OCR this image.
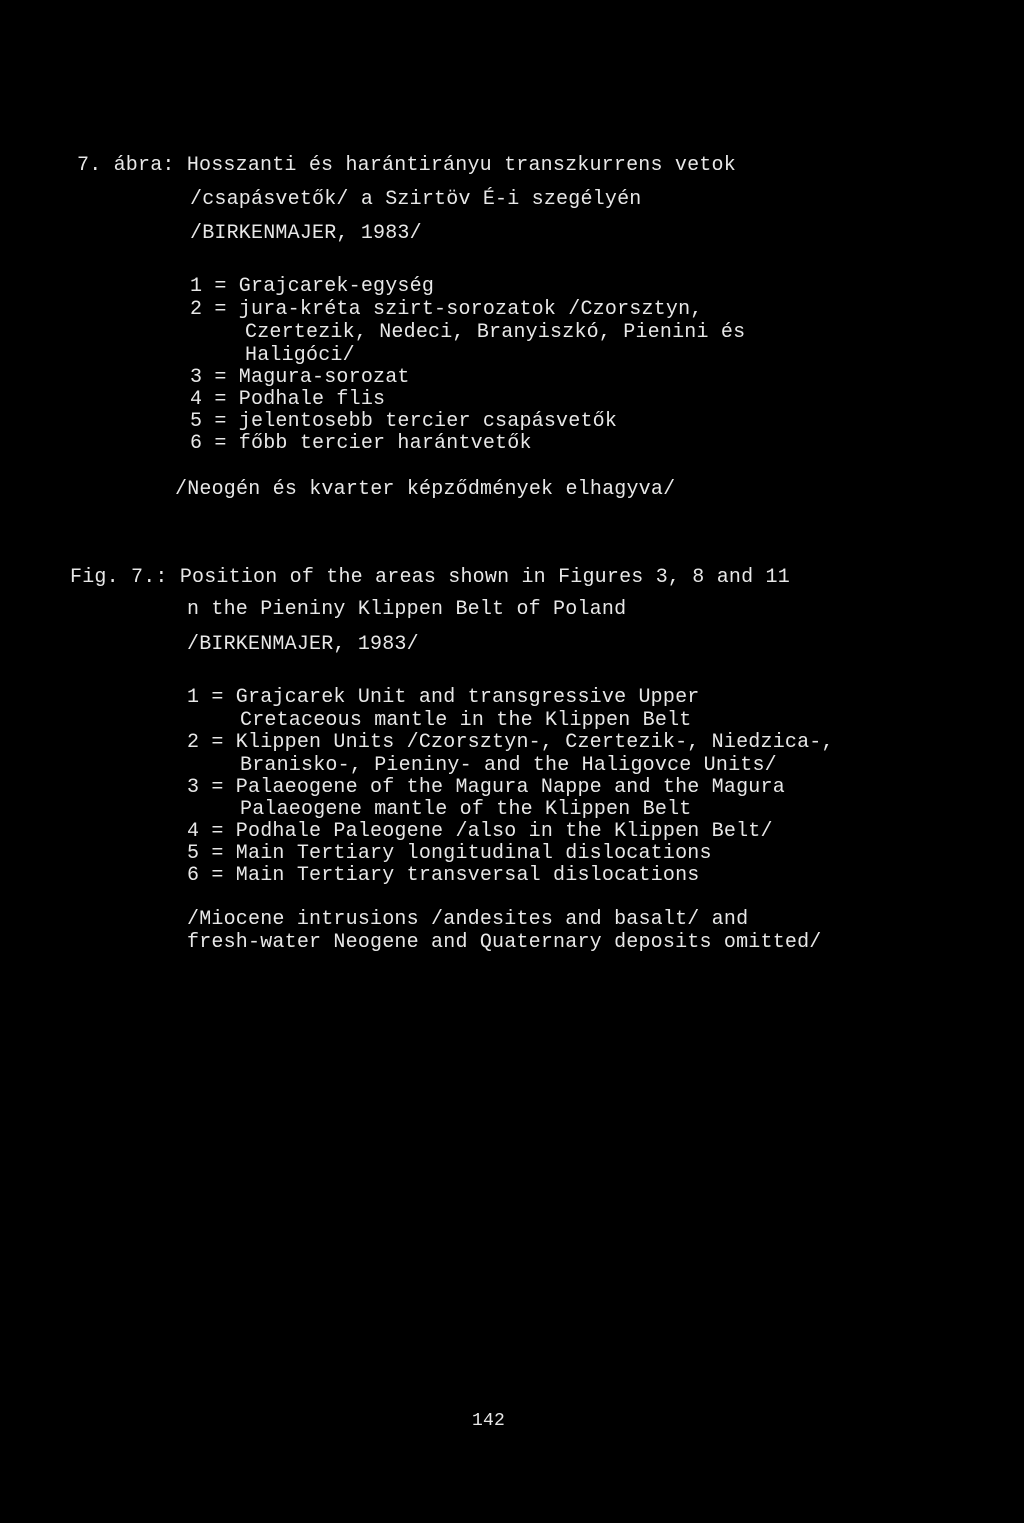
7. ábra: Hosszanti és harántirányu transzkurrens vetok
/csapásvetők/ a Szirtöv É-i szegélyén
/BIRKENMAJER, 1983/
1 = Grajcarek-egység
2 = jura-kréta szirt-sorozatok /Czorsztyn,
Czertezik, Nedeci, Branyiszkó, Pienini és
Haligóci/
3 = Magura-sorozat
4 = Podhale flis
5 = jelentosebb tercier csapásvetők
6 = főbb tercier harántvetők
/Neogén és kvarter képződmények elhagyva/
Fig. 7.: Position of the areas shown in Figures 3, 8 and 11
n the Pieniny Klippen Belt of Poland
/BIRKENMAJER, 1983/
1 = Grajcarek Unit and transgressive Upper
Cretaceous mantle in the Klippen Belt
2 = Klippen Units /Czorsztyn-, Czertezik-, Niedzica-,
Branisko-, Pieniny- and the Haligovce Units/
3 = Palaeogene of the Magura Nappe and the Magura
Palaeogene mantle of the Klippen Belt
4 = Podhale Paleogene /also in the Klippen Belt/
5 = Main Tertiary longitudinal dislocations
6 = Main Tertiary transversal dislocations
/Miocene intrusions /andesites and basalt/ and
fresh-water Neogene and Quaternary deposits omitted/
142
